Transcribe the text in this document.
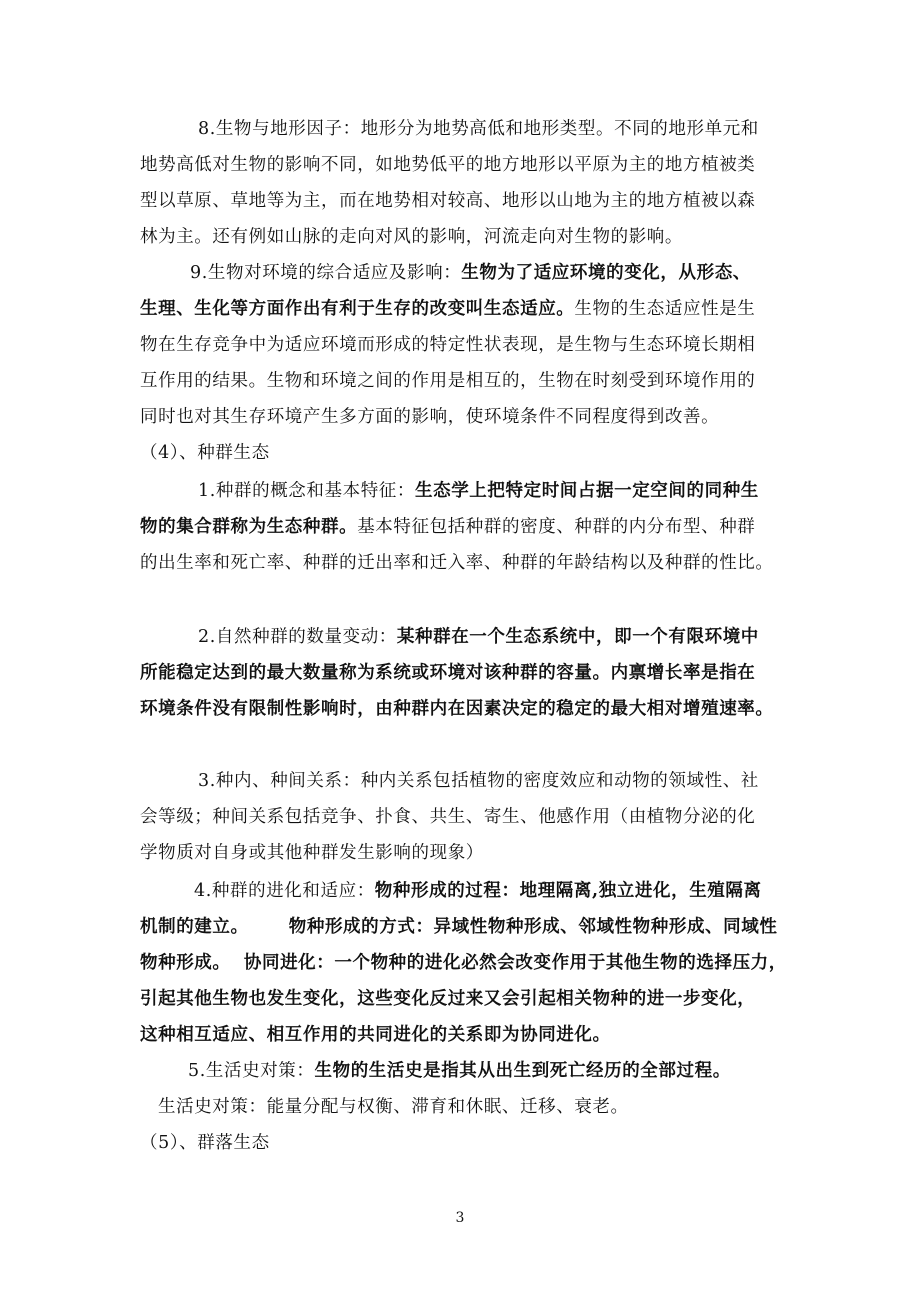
8.生物与地形因子：地形分为地势高低和地形类型。不同的地形单元和
地势高低对生物的影响不同，如地势低平的地方地形以平原为主的地方植被类
型以草原、草地等为主，而在地势相对较高、地形以山地为主的地方植被以森
林为主。还有例如山脉的走向对风的影响，河流走向对生物的影响。
9.生物对环境的综合适应及影响：生物为了适应环境的变化，从形态、
生理、生化等方面作出有利于生存的改变叫生态适应。生物的生态适应性是生
物在生存竞争中为适应环境而形成的特定性状表现，是生物与生态环境长期相
互作用的结果。生物和环境之间的作用是相互的，生物在时刻受到环境作用的
同时也对其生存环境产生多方面的影响，使环境条件不同程度得到改善。
（4）、种群生态
1.种群的概念和基本特征：生态学上把特定时间占据一定空间的同种生
物的集合群称为生态种群。基本特征包括种群的密度、种群的内分布型、种群
的出生率和死亡率、种群的迁出率和迁入率、种群的年龄结构以及种群的性比。
2.自然种群的数量变动：某种群在一个生态系统中，即一个有限环境中
所能稳定达到的最大数量称为系统或环境对该种群的容量。内禀增长率是指在
环境条件没有限制性影响时，由种群内在因素决定的稳定的最大相对增殖速率。
3.种内、种间关系：种内关系包括植物的密度效应和动物的领域性、社
会等级；种间关系包括竞争、扑食、共生、寄生、他感作用（由植物分泌的化
学物质对自身或其他种群发生影响的现象）
4.种群的进化和适应：物种形成的过程：地理隔离,独立进化，生殖隔离
机制的建立。      物种形成的方式：异域性物种形成、邻域性物种形成、同域性
物种形成。  协同进化：一个物种的进化必然会改变作用于其他生物的选择压力，
引起其他生物也发生变化，这些变化反过来又会引起相关物种的进一步变化，
这种相互适应、相互作用的共同进化的关系即为协同进化。
5.生活史对策：生物的生活史是指其从出生到死亡经历的全部过程。
生活史对策：能量分配与权衡、滞育和休眠、迁移、衰老。
（5）、群落生态
3
